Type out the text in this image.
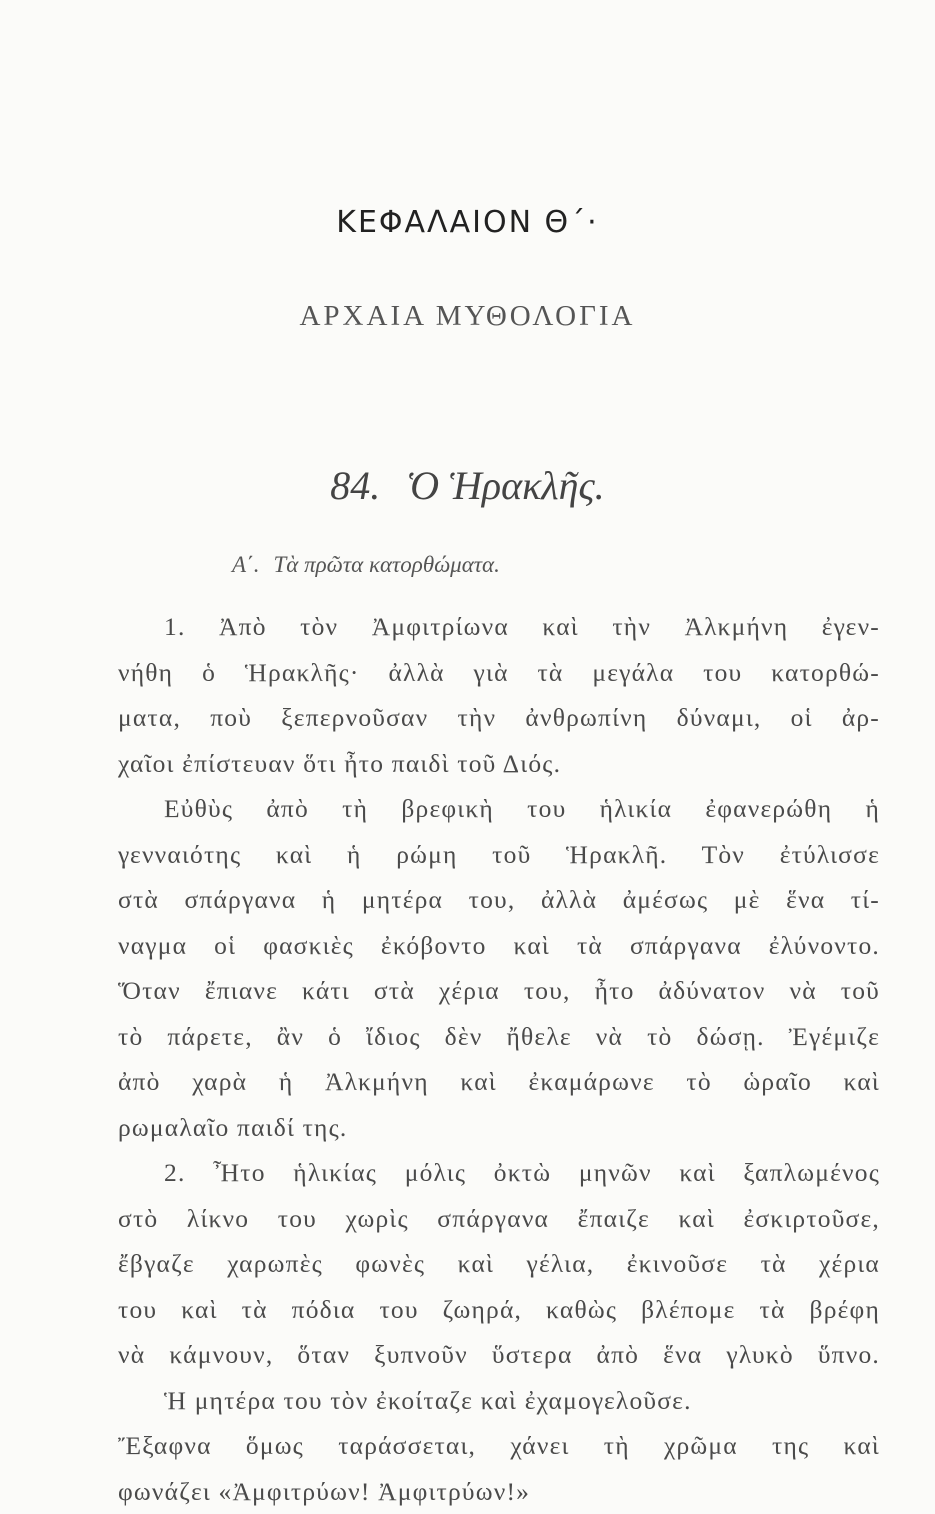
ΚΕΦΑΛΑΙΟΝ Θ΄·
ΑΡΧΑΙΑ ΜΥΘΟΛΟΓΙΑ
84. Ὁ Ἡρακλῆς.
Α΄. Τὰ πρῶτα κατορθώματα.
1. Ἀπὸ τὸν Ἀμφιτρίωνα καὶ τὴν Ἀλκμήνη ἐγεν-
νήθη ὁ Ἡρακλῆς· ἀλλὰ γιὰ τὰ μεγάλα του κατορθώ-
ματα, ποὺ ξεπερνοῦσαν τὴν ἀνθρωπίνη δύναμι, οἱ ἀρ-
χαῖοι ἐπίστευαν ὅτι ἦτο παιδὶ τοῦ Διός.
Εὐθὺς ἀπὸ τὴ βρεφικὴ του ἡλικία ἐφανερώθη ἡ
γενναιότης καὶ ἡ ρώμη τοῦ Ἡρακλῆ. Τὸν ἐτύλισσε
στὰ σπάργανα ἡ μητέρα του, ἀλλὰ ἀμέσως μὲ ἕνα τί-
ναγμα οἱ φασκιὲς ἐκόβοντο καὶ τὰ σπάργανα ἐλύνοντο.
Ὅταν ἔπιανε κάτι στὰ χέρια του, ἦτο ἀδύνατον νὰ τοῦ
τὸ πάρετε, ἂν ὁ ἴδιος δὲν ἤθελε νὰ τὸ δώσῃ. Ἐγέμιζε
ἀπὸ χαρὰ ἡ Ἀλκμήνη καὶ ἐκαμάρωνε τὸ ὡραῖο καὶ
ρωμαλαῖο παιδί της.
2. Ἦτο ἡλικίας μόλις ὀκτὼ μηνῶν καὶ ξαπλωμένος
στὸ λίκνο του χωρὶς σπάργανα ἔπαιζε καὶ ἐσκιρτοῦσε,
ἔβγαζε χαρωπὲς φωνὲς καὶ γέλια, ἐκινοῦσε τὰ χέρια
του καὶ τὰ πόδια του ζωηρά, καθὼς βλέπομε τὰ βρέφη
νὰ κάμνουν, ὅταν ξυπνοῦν ὕστερα ἀπὸ ἕνα γλυκὸ ὕπνο.
Ἡ μητέρα του τὸν ἐκοίταζε καὶ ἐχαμογελοῦσε.
Ἔξαφνα ὅμως ταράσσεται, χάνει τὴ χρῶμα της καὶ
φωνάζει «Ἀμφιτρύων! Ἀμφιτρύων!»
